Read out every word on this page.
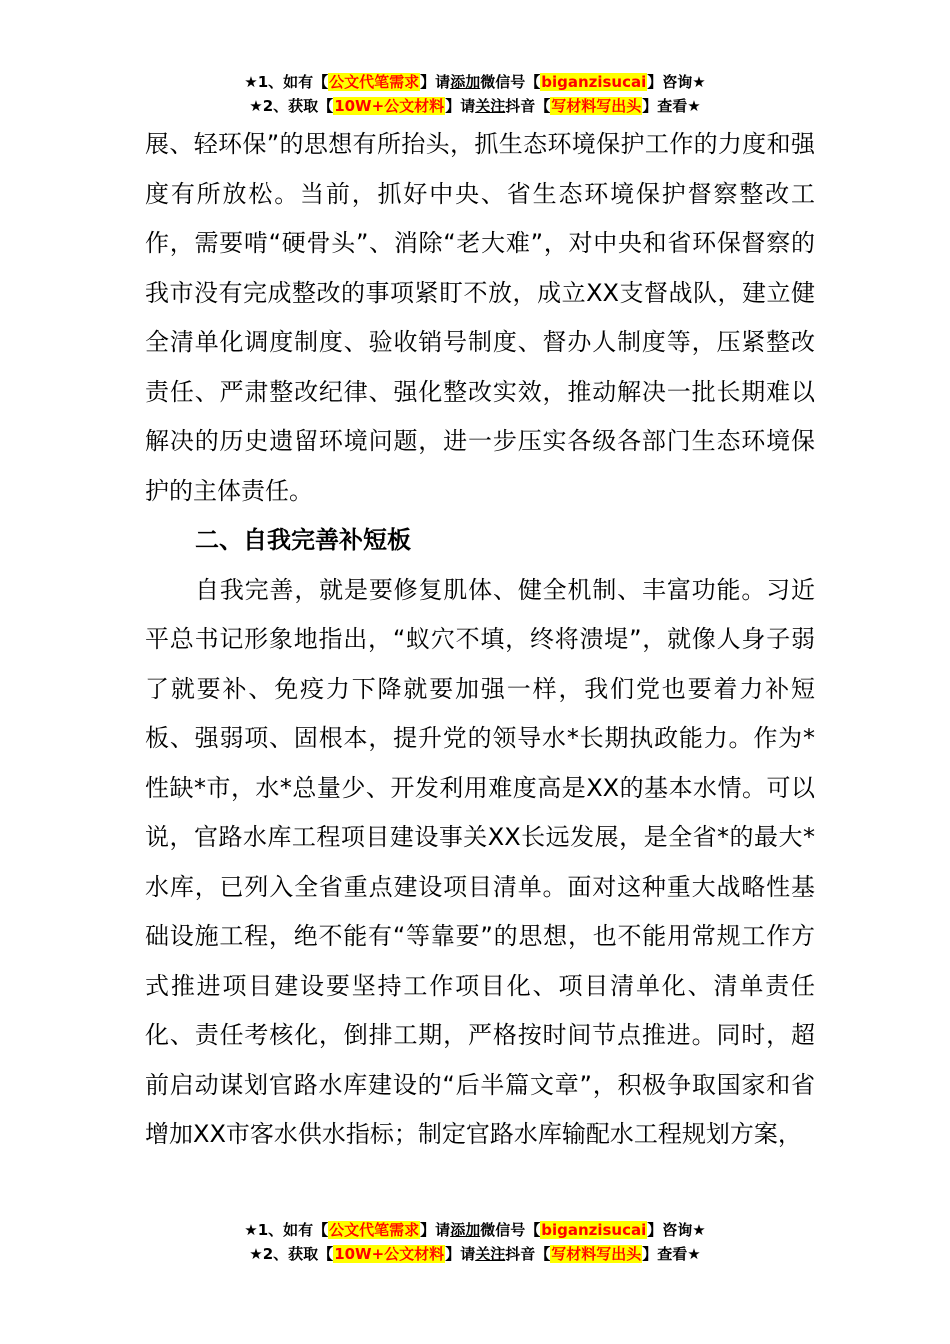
★1、如有【公文代笔需求】请添加微信号【biganzisucai】咨询★
★2、获取【10W+公文材料】请关注抖音【写材料写出头】查看★

展、轻环保”的思想有所抬头，抓生态环境保护工作的力度和强度有所放松。当前，抓好中央、省生态环境保护督察整改工作，需要啃“硬骨头”、消除“老大难”，对中央和省环保督察的我市没有完成整改的事项紧盯不放，成立XX支督战队，建立健全清单化调度制度、验收销号制度、督办人制度等，压紧整改责任、严肃整改纪律、强化整改实效，推动解决一批长期难以解决的历史遗留环境问题，进一步压实各级各部门生态环境保护的主体责任。

二、自我完善补短板

自我完善，就是要修复肌体、健全机制、丰富功能。习近平总书记形象地指出，“蚁穴不填，终将溃堤”，就像人身子弱了就要补、免疫力下降就要加强一样，我们党也要着力补短板、强弱项、固根本，提升党的领导水*长期执政能力。作为*性缺*市，水*总量少、开发利用难度高是XX的基本水情。可以说，官路水库工程项目建设事关XX长远发展，是全省*的最大*水库，已列入全省重点建设项目清单。面对这种重大战略性基础设施工程，绝不能有“等靠要”的思想，也不能用常规工作方式推进项目建设要坚持工作项目化、项目清单化、清单责任化、责任考核化，倒排工期，严格按时间节点推进。同时，超前启动谋划官路水库建设的“后半篇文章”，积极争取国家和省增加XX市客水供水指标；制定官路水库输配水工程规划方案，

★1、如有【公文代笔需求】请添加微信号【biganzisucai】咨询★
★2、获取【10W+公文材料】请关注抖音【写材料写出头】查看★
